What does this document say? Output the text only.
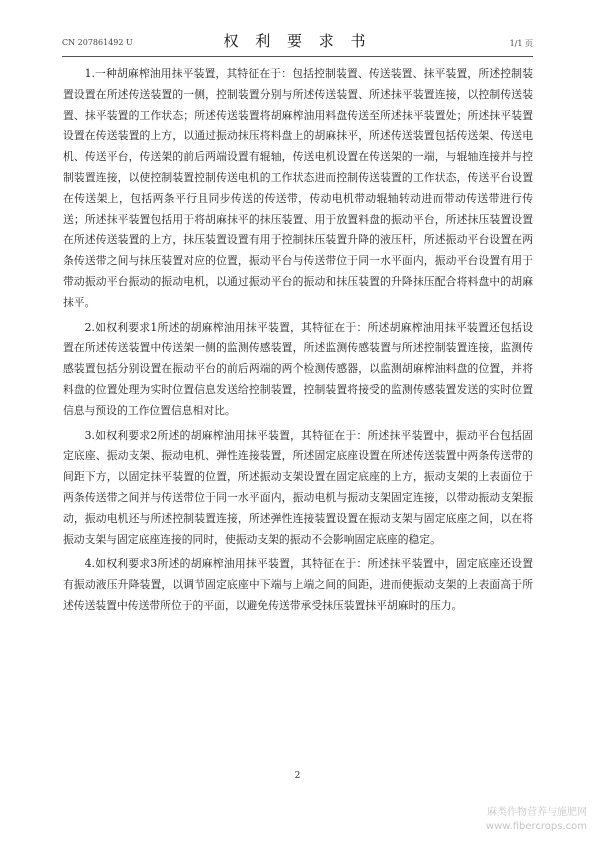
CN 207861492 U	权 利 要 求 书	1/1 页

1.一种胡麻榨油用抹平装置，其特征在于：包括控制装置、传送装置、抹平装置，所述控制装置设置在所述传送装置的一侧，控制装置分别与所述传送装置、所述抹平装置连接，以控制传送装置、抹平装置的工作状态；所述传送装置将胡麻榨油用料盘传送至所述抹平装置处；所述抹平装置设置在传送装置的上方，以通过振动抹压将料盘上的胡麻抹平，所述传送装置包括传送架、传送电机、传送平台，传送架的前后两端设置有辊轴，传送电机设置在传送架的一端，与辊轴连接并与控制装置连接，以使控制装置控制传送电机的工作状态进而控制传送装置的工作状态，传送平台设置在传送架上，包括两条平行且同步传送的传送带，传动电机带动辊轴转动进而带动传送带进行传送；所述抹平装置包括用于将胡麻抹平的抹压装置、用于放置料盘的振动平台，所述抹压装置设置在所述传送装置的上方，抹压装置设置有用于控制抹压装置升降的液压杆，所述振动平台设置在两条传送带之间与抹压装置对应的位置，振动平台与传送带位于同一水平面内，振动平台设置有用于带动振动平台振动的振动电机，以通过振动平台的振动和抹压装置的升降抹压配合将料盘中的胡麻抹平。

2.如权利要求1所述的胡麻榨油用抹平装置，其特征在于：所述胡麻榨油用抹平装置还包括设置在所述传送装置中传送架一侧的监测传感装置，所述监测传感装置与所述控制装置连接，监测传感装置包括分别设置在振动平台的前后两端的两个检测传感器，以监测胡麻榨油料盘的位置，并将料盘的位置处理为实时位置信息发送给控制装置，控制装置将接受的监测传感装置发送的实时位置信息与预设的工作位置信息相对比。

3.如权利要求2所述的胡麻榨油用抹平装置，其特征在于：所述抹平装置中，振动平台包括固定底座、振动支架、振动电机、弹性连接装置，所述固定底座设置在所述传送装置中两条传送带的间距下方，以固定抹平装置的位置，所述振动支架设置在固定底座的上方，振动支架的上表面位于两条传送带之间并与传送带位于同一水平面内，振动电机与振动支架固定连接，以带动振动支架振动，振动电机还与所述控制装置连接，所述弹性连接装置设置在振动支架与固定底座之间，以在将振动支架与固定底座连接的同时，使振动支架的振动不会影响固定底座的稳定。

4.如权利要求3所述的胡麻榨油用抹平装置，其特征在于：所述抹平装置中，固定底座还设置有振动液压升降装置，以调节固定底座中下端与上端之间的间距，进而使振动支架的上表面高于所述传送装置中传送带所位于的平面，以避免传送带承受抹压装置抹平胡麻时的压力。

2
麻类作物营养与施肥网
www.fibercrops.com
